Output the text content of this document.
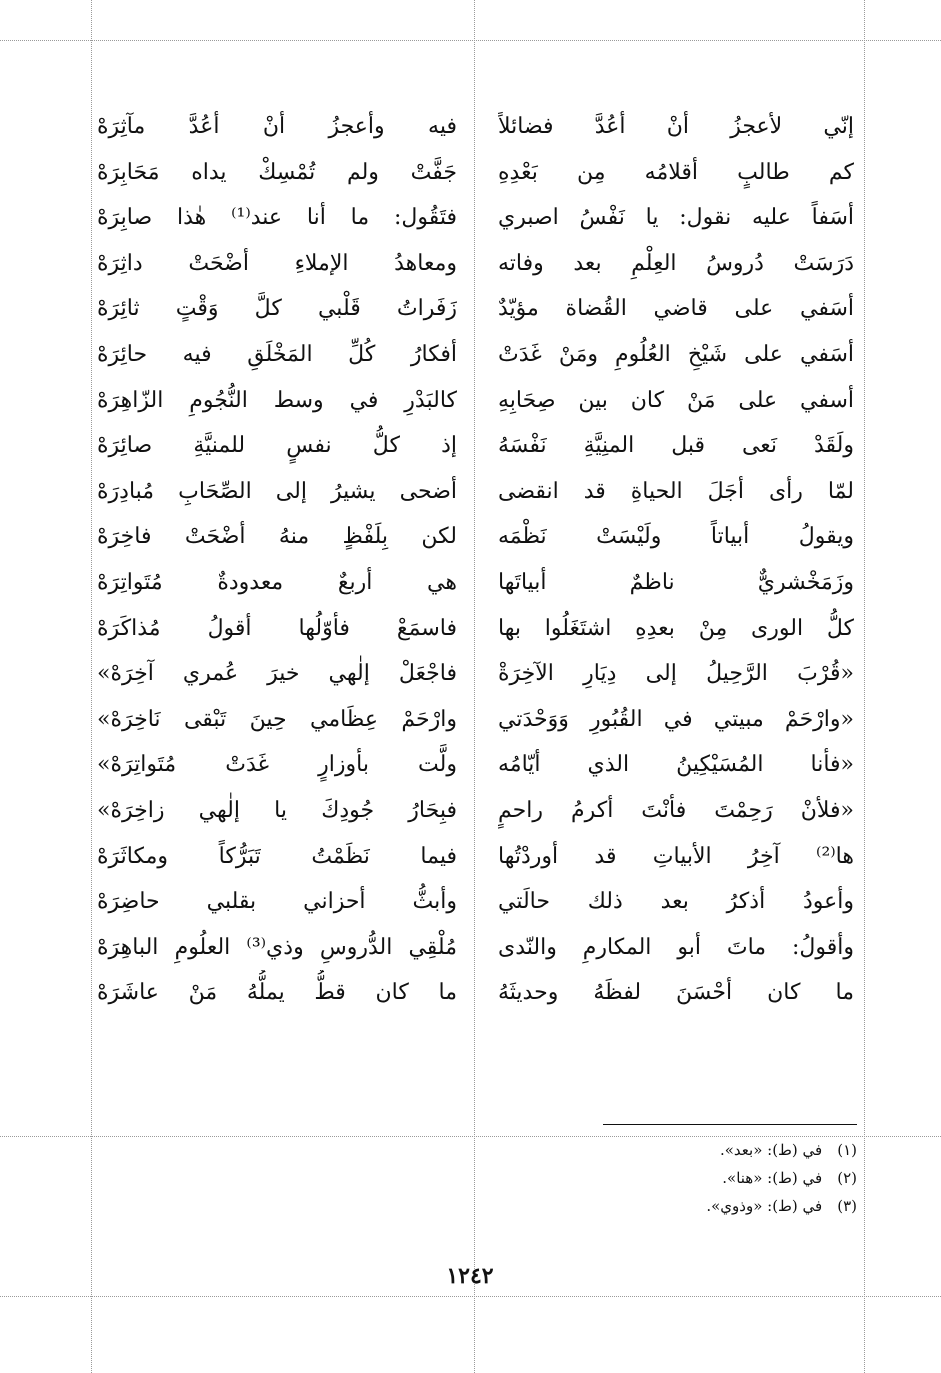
إنّي لأعجزُ أنْ أعُدَّ فضائلاً
كم طالبٍ أقلامُه مِن بَعْدِهِ
أسَفاً عليه نقول: يا نَفْسُ اصبري
دَرَسَتْ دُروسُ العِلْمِ بعد وفاته
أسَفي على قاضي القُضاة مؤيّدٌ
أسَفي على شَيْخِ العُلُومِ ومَنْ غَدَتْ
أسفي على مَنْ كان بين صِحَابِهِ
ولَقَدْ نَعى قبل المنِيَّةِ نَفْسَهُ
لمّا رأى أجَلَ الحياةِ قد انقضى
ويقولُ أبياتاً ولَيْسَتْ نَظْمَه
وزَمَخْشريٌّ ناظمٌ أبياتَها
كلُّ الورى مِنْ بعدِهِ اشتَغَلُوا بها
«قُرْبَ الرَّحِيلُ إلى دِيَارِ الآخِرَةْ
«وارْحَمْ مبيتي في القُبُورِ وَوَحْدَتي
«فأنا المُسَيْكِينُ الذي أيّامُه
«فلأنْ رَحِمْتَ فأنْتَ أكرمُ راحمٍ
ها⁽²⁾ آخِرُ الأبياتِ قد أوردْتُها
وأعودُ أذكرُ بعد ذلك حالَتي
وأقولُ: ماتَ أبو المكارمِ والنّدى
ما كان أحْسَنَ لفظَهُ وحديثَهُ
فيه وأعجزُ أنْ أعُدَّ مآثِرَهْ
جَفَّتْ ولم تُمْسِكْ يداه مَحَابِرَهْ
فتَقُول: ما أنا عند⁽¹⁾ هٰذا صابِرَهْ
ومعاهدُ الإملاءِ أضْحَتْ داثِرَهْ
زَفَراتُ قَلْبي كلَّ وَقْتٍ ثائِرَهْ
أفكارُ كُلِّ المَخْلَقِ فيه حائِرَهْ
كالبَدْرِ في وسط النُّجُومِ الزّاهِرَهْ
إذ كلُّ نفسٍ للمنيَّةِ صائِرَهْ
أضحى يشيرُ إلى الصِّحَابِ مُبادِرَهْ
لكن بِلَفْظٍ منهُ أضْحَتْ فاخِرَهْ
هي أربعٌ معدودةٌ مُتَواتِرَهْ
فاسمَعْ فأوّلُها أقولُ مُذاكَرَهْ
فاجْعَلْ إلٰهي خيرَ عُمري آخِرَهْ»
وارْحَمْ عِظَامي حِينَ تَبْقى نَاخِرَهْ»
ولَّت بأوزارٍ غَدَتْ مُتَواتِرَهْ»
فبِحَارُ جُودِكَ يا إلٰهي زاخِرَهْ»
فيما نَظَمْتُ تَبَرُّكاً ومكاثَرَهْ
وأبثُّ أحزاني بقلبي حاضِرَهْ
مُلْقِي الدُّروسِ وذي⁽³⁾ العلُومِ الباهِرَهْ
ما كان قطُّ يملُّهُ مَنْ عاشَرَهْ
(١) في (ط): «بعد».
(٢) في (ط): «هنا».
(٣) في (ط): «وذوي».
١٢٤٢
